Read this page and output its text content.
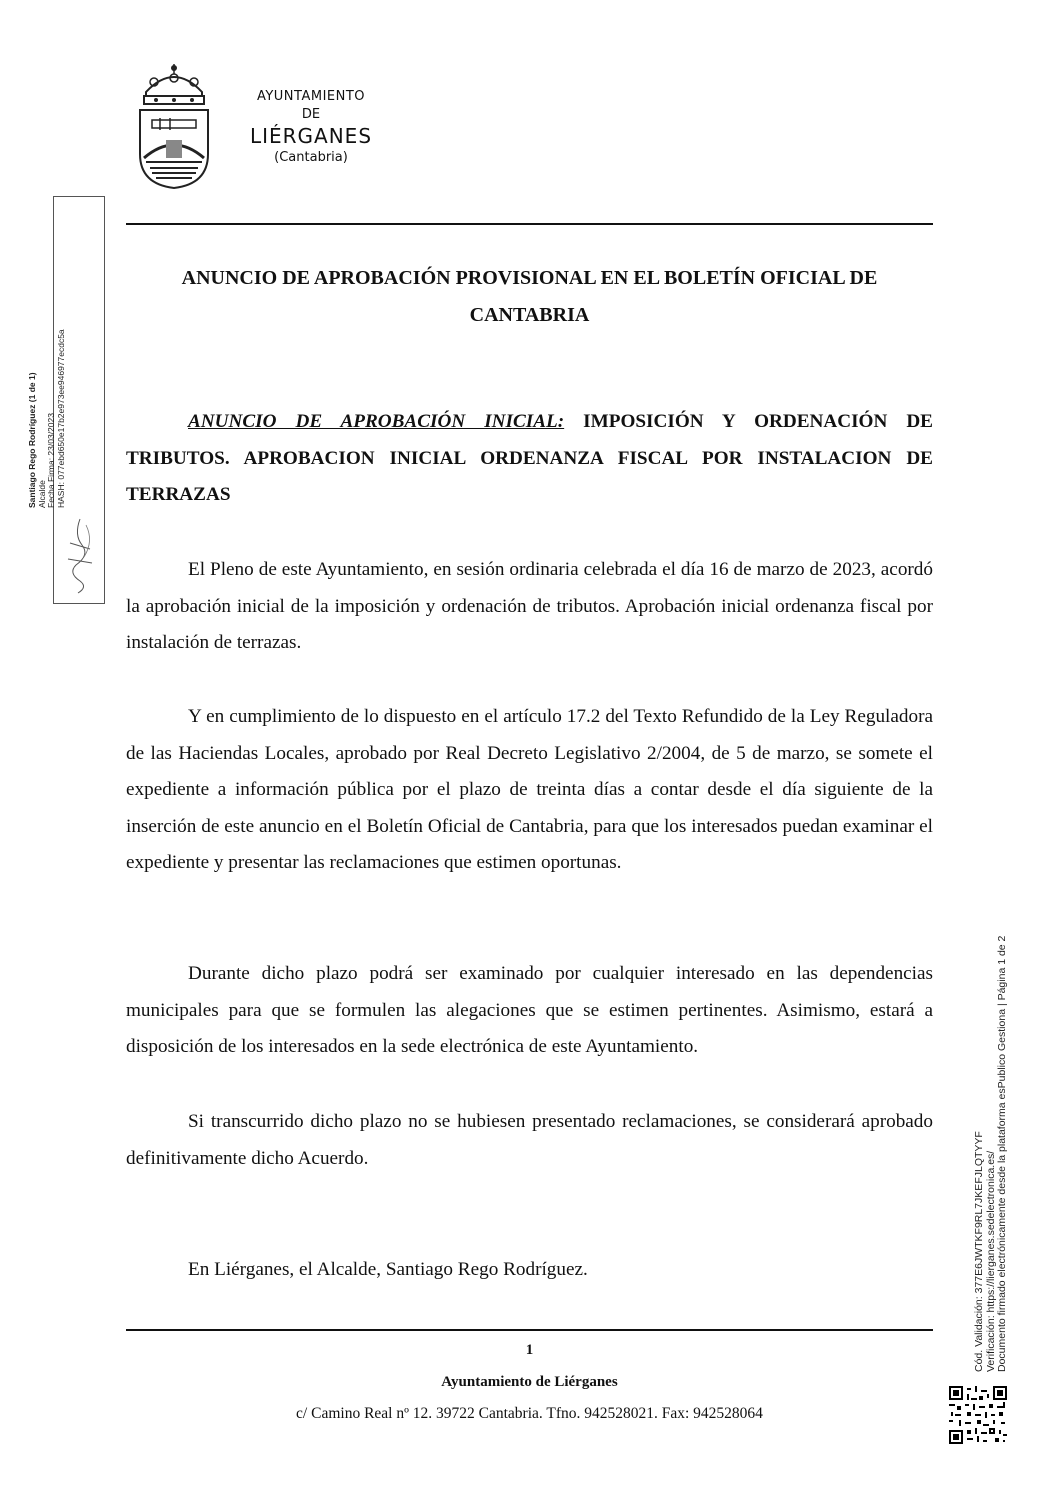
AYUNTAMIENTO
DE
LIÉRGANES
(Cantabria)
ANUNCIO DE APROBACIÓN PROVISIONAL EN EL BOLETÍN OFICIAL DE
CANTABRIA
ANUNCIO DE APROBACIÓN INICIAL: IMPOSICIÓN Y ORDENACIÓN DE TRIBUTOS. APROBACION INICIAL ORDENANZA FISCAL POR INSTALACION DE TERRAZAS
El Pleno de este Ayuntamiento, en sesión ordinaria celebrada el día 16 de marzo de 2023, acordó la aprobación inicial de la imposición y ordenación de tributos. Aprobación inicial ordenanza fiscal por instalación de terrazas.
Y en cumplimiento de lo dispuesto en el artículo 17.2 del Texto Refundido de la Ley Reguladora de las Haciendas Locales, aprobado por Real Decreto Legislativo 2/2004, de 5 de marzo, se somete el expediente a información pública por el plazo de treinta días a contar desde el día siguiente de la inserción de este anuncio en el Boletín Oficial de Cantabria, para que los interesados puedan examinar el expediente y presentar las reclamaciones que estimen oportunas.
Durante dicho plazo podrá ser examinado por cualquier interesado en las dependencias municipales para que se formulen las alegaciones que se estimen pertinentes. Asimismo, estará a disposición de los interesados en la sede electrónica de este Ayuntamiento.
Si transcurrido dicho plazo no se hubiesen presentado reclamaciones, se considerará aprobado definitivamente dicho Acuerdo.
En Liérganes, el Alcalde, Santiago Rego Rodríguez.
Santiago Rego Rodríguez (1 de 1) Alcalde Fecha Firma: 23/03/2023 HASH: 077ebd650e17b2e973ee946977ecdc5a
Cód. Validación: 377E6JWTKF9RL7JKEFJLQTYYF Verificación: https://lierganes.sedelectronica.es/ Documento firmado electrónicamente desde la plataforma esPublico Gestiona | Página 1 de 2
1
Ayuntamiento de Liérganes
c/ Camino Real nº 12. 39722 Cantabria. Tfno. 942528021. Fax: 942528064
